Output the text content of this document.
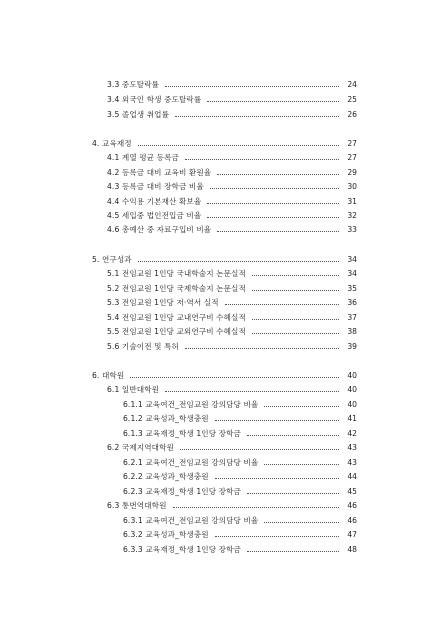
3.3 중도탈락률	24
3.4 외국인 학생 중도탈락률	25
3.5 졸업생 취업률	26
4. 교육재정	27
4.1 계열 평균 등록금	27
4.2 등록금 대비 교육비 환원율	29
4.3 등록금 대비 장학금 비율	30
4.4 수익용 기본재산 확보율	31
4.5 세입중 법인전입금 비율	32
4.6 총예산 중 자료구입비 비율	33
5. 연구성과	34
5.1 전임교원 1인당 국내학술지 논문실적	34
5.2 전임교원 1인당 국제학술지 논문실적	35
5.3 전임교원 1인당 저·역서 실적	36
5.4 전임교원 1인당 교내연구비 수혜실적	37
5.5 전임교원 1인당 교외연구비 수혜실적	38
5.6 기술이전 및 특허	39
6. 대학원	40
6.1 일반대학원	40
6.1.1 교육여건_전임교원 강의담당 비율	40
6.1.2 교육성과_학생충원	41
6.1.3 교육재정_학생 1인당 장학금	42
6.2 국제지역대학원	43
6.2.1 교육여건_전임교원 강의담당 비율	43
6.2.2 교육성과_학생충원	44
6.2.3 교육재정_학생 1인당 장학금	45
6.3 통번역대학원	46
6.3.1 교육여건_전임교원 강의담당 비율	46
6.3.2 교육성과_학생충원	47
6.3.3 교육재정_학생 1인당 장학금	48
